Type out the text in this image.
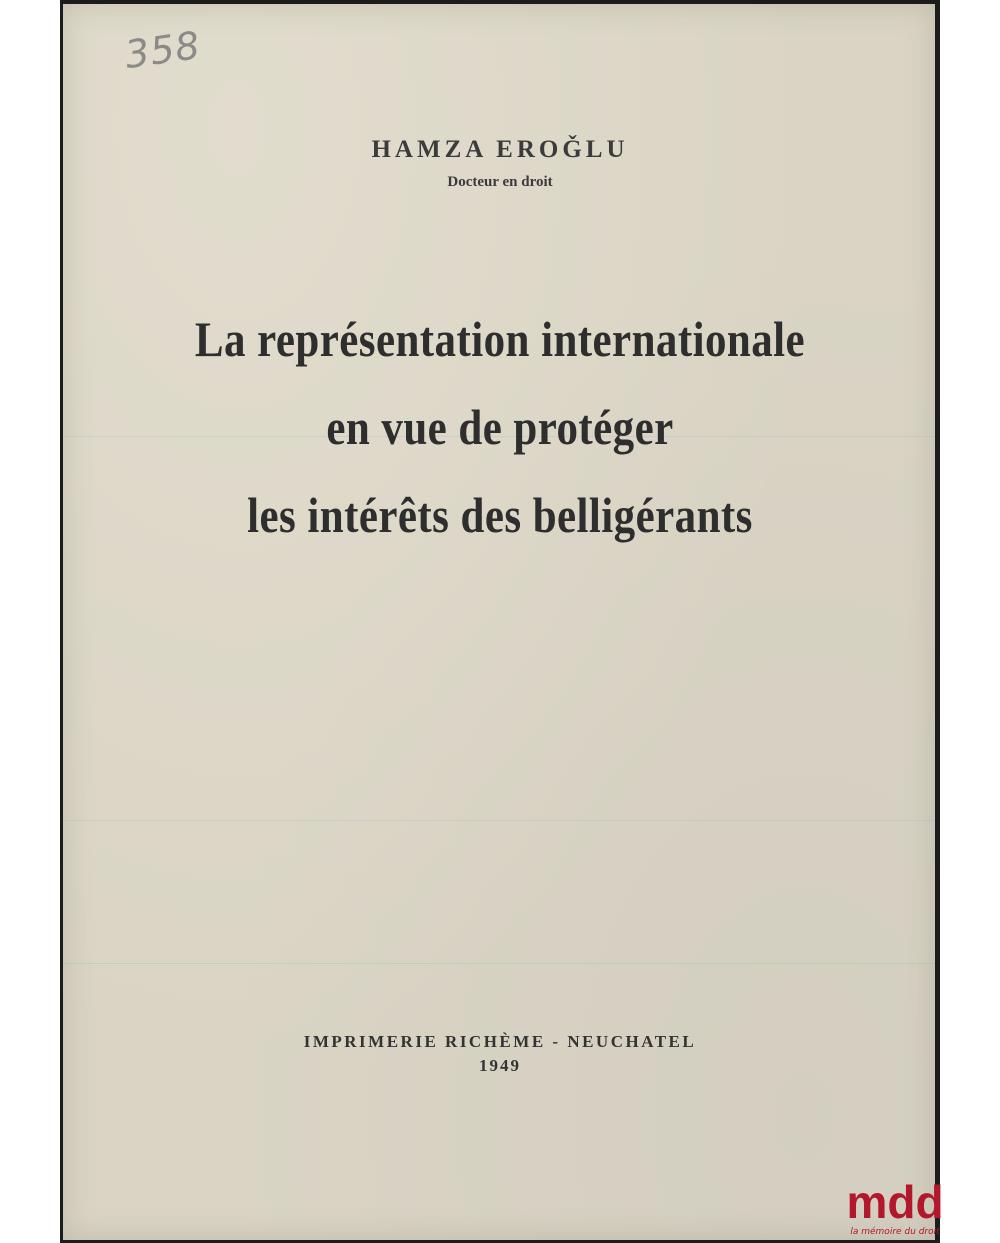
358
HAMZA EROǦLU
Docteur en droit
La représentation internationale
en vue de protéger
les intérêts des belligérants
IMPRIMERIE RICHÈME - NEUCHATEL
1949
mdd
la mémoire du droit
